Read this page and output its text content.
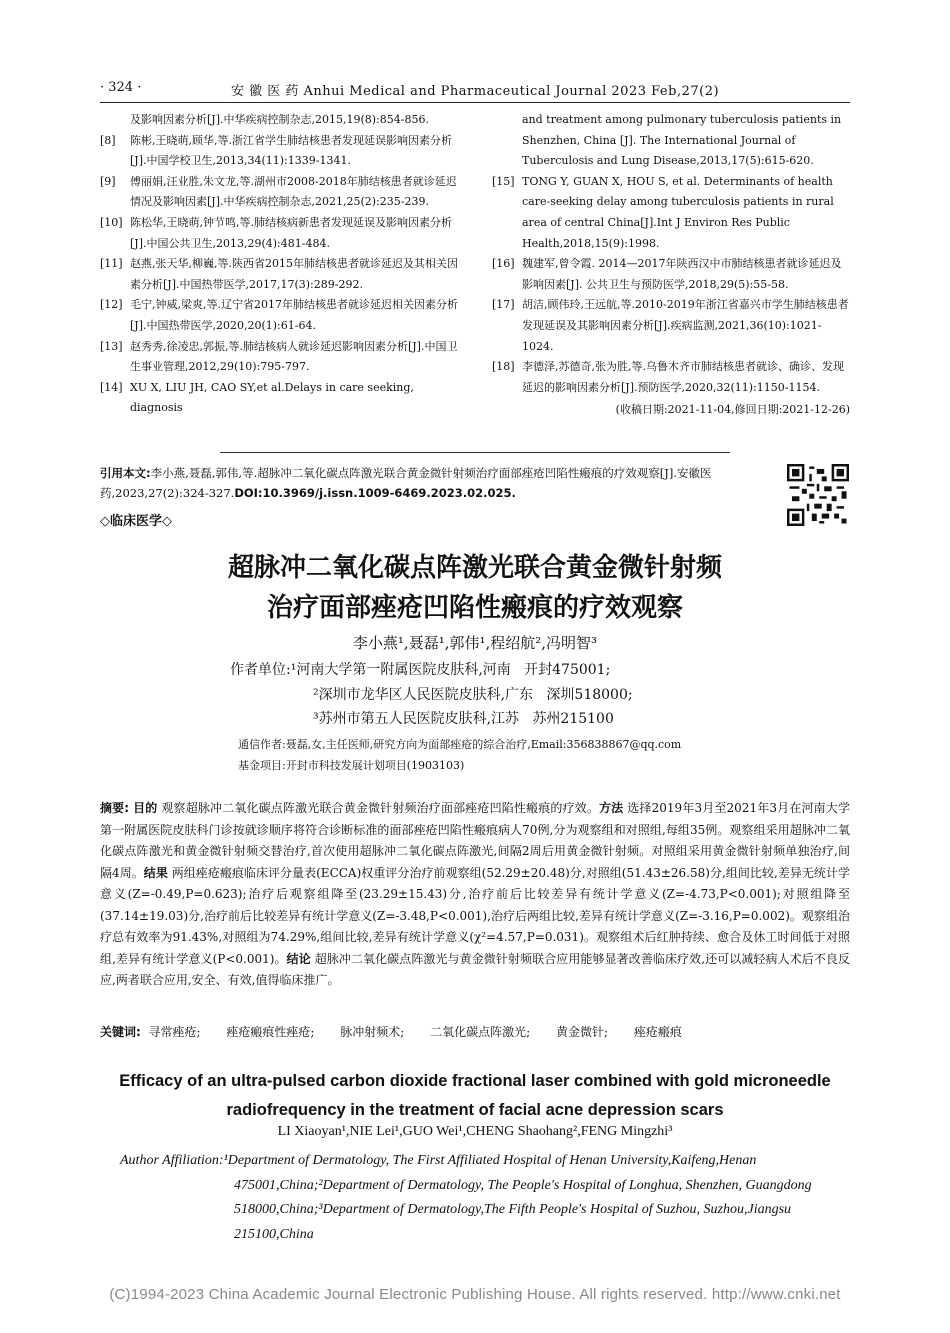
· 324 ·	安 徽 医 药 Anhui Medical and Pharmaceutical Journal 2023 Feb,27(2)
及影响因素分析[J].中华疾病控制杂志,2015,19(8):854-856.
[8] 陈彬,王晓萌,顾华,等.浙江省学生肺结核患者发现延误影响因素分析[J].中国学校卫生,2013,34(11):1339-1341.
[9] 傅丽娟,汪业胜,朱文龙,等.湖州市2008-2018年肺结核患者就诊延迟情况及影响因素[J].中华疾病控制杂志,2021,25(2):235-239.
[10] 陈松华,王晓萌,钟节鸣,等.肺结核病新患者发现延误及影响因素分析[J].中国公共卫生,2013,29(4):481-484.
[11] 赵燕,张天华,柳巍,等.陕西省2015年肺结核患者就诊延迟及其相关因素分析[J].中国热带医学,2017,17(3):289-292.
[12] 毛宁,钟威,梁爽,等.辽宁省2017年肺结核患者就诊延迟相关因素分析[J].中国热带医学,2020,20(1):61-64.
[13] 赵秀秀,徐凌忠,郭振,等.肺结核病人就诊延迟影响因素分析[J].中国卫生事业管理,2012,29(10):795-797.
[14] XU X, LIU JH, CAO SY,et al.Delays in care seeking, diagnosis
and treatment among pulmonary tuberculosis patients in Shenzhen, China [J]. The International Journal of Tuberculosis and Lung Disease,2013,17(5):615-620.
[15] TONG Y, GUAN X, HOU S, et al. Determinants of health care-seeking delay among tuberculosis patients in rural area of central China[J].Int J Environ Res Public Health,2018,15(9):1998.
[16] 魏建军,曾令霞. 2014—2017年陕西汉中市肺结核患者就诊延迟及影响因素[J]. 公共卫生与预防医学,2018,29(5):55-58.
[17] 胡洁,顾伟玲,王远航,等.2010-2019年浙江省嘉兴市学生肺结核患者发现延误及其影响因素分析[J].疾病监测,2021,36(10):1021-1024.
[18] 李德泽,苏德奇,张为胜,等.乌鲁木齐市肺结核患者就诊、确诊、发现延迟的影响因素分析[J].预防医学,2020,32(11):1150-1154.
(收稿日期:2021-11-04,修回日期:2021-12-26)
引用本文:李小燕,聂磊,郭伟,等.超脉冲二氧化碳点阵激光联合黄金微针射频治疗面部痤疮凹陷性瘢痕的疗效观察[J].安徽医药,2023,27(2):324-327.DOI:10.3969/j.issn.1009-6469.2023.02.025.
◇临床医学◇
超脉冲二氧化碳点阵激光联合黄金微针射频
治疗面部痤疮凹陷性瘢痕的疗效观察
李小燕¹,聂磊¹,郭伟¹,程绍航²,冯明智³
作者单位:¹河南大学第一附属医院皮肤科,河南   开封475001;
²深圳市龙华区人民医院皮肤科,广东   深圳518000;
³苏州市第五人民医院皮肤科,江苏   苏州215100
通信作者:聂磊,女,主任医师,研究方向为面部痤疮的综合治疗,Email:356838867@qq.com
基金项目:开封市科技发展计划项目(1903103)
摘要: 目的 观察超脉冲二氧化碳点阵激光联合黄金微针射频治疗面部痤疮凹陷性瘢痕的疗效。方法 选择2019年3月至2021年3月在河南大学第一附属医院皮肤科门诊按就诊顺序将符合诊断标准的面部痤疮凹陷性瘢痕病人70例,分为观察组和对照组,每组35例。观察组采用超脉冲二氧化碳点阵激光和黄金微针射频交替治疗,首次使用超脉冲二氧化碳点阵激光,间隔2周后用黄金微针射频。对照组采用黄金微针射频单独治疗,间隔4周。结果 两组痤疮瘢痕临床评分量表(ECCA)权重评分治疗前观察组(52.29±20.48)分,对照组(51.43±26.58)分,组间比较,差异无统计学意义(Z=-0.49,P=0.623);治疗后观察组降至(23.29±15.43)分,治疗前后比较差异有统计学意义(Z=-4.73,P<0.001);对照组降至(37.14±19.03)分,治疗前后比较差异有统计学意义(Z=-3.48,P<0.001),治疗后两组比较,差异有统计学意义(Z=-3.16,P=0.002)。观察组治疗总有效率为91.43%,对照组为74.29%,组间比较,差异有统计学意义(χ²=4.57,P=0.031)。观察组术后红肿持续、愈合及休工时间低于对照组,差异有统计学意义(P<0.001)。结论 超脉冲二氧化碳点阵激光与黄金微针射频联合应用能够显著改善临床疗效,还可以减轻病人术后不良反应,两者联合应用,安全、有效,值得临床推广。
关键词: 寻常痤疮; 痤疮瘢痕性痤疮; 脉冲射频术; 二氧化碳点阵激光; 黄金微针; 痤疮瘢痕
Efficacy of an ultra-pulsed carbon dioxide fractional laser combined with gold microneedle
radiofrequency in the treatment of facial acne depression scars
LI Xiaoyan¹,NIE Lei¹,GUO Wei¹,CHENG Shaohang²,FENG Mingzhi³
Author Affiliation:¹Department of Dermatology, The First Affiliated Hospital of Henan University,Kaifeng,Henan
475001,China;²Department of Dermatology, The People's Hospital of Longhua, Shenzhen, Guangdong 518000,China;³Department of Dermatology,The Fifth People's Hospital of Suzhou, Suzhou,Jiangsu 215100,China
(C)1994-2023 China Academic Journal Electronic Publishing House. All rights reserved. http://www.cnki.net
